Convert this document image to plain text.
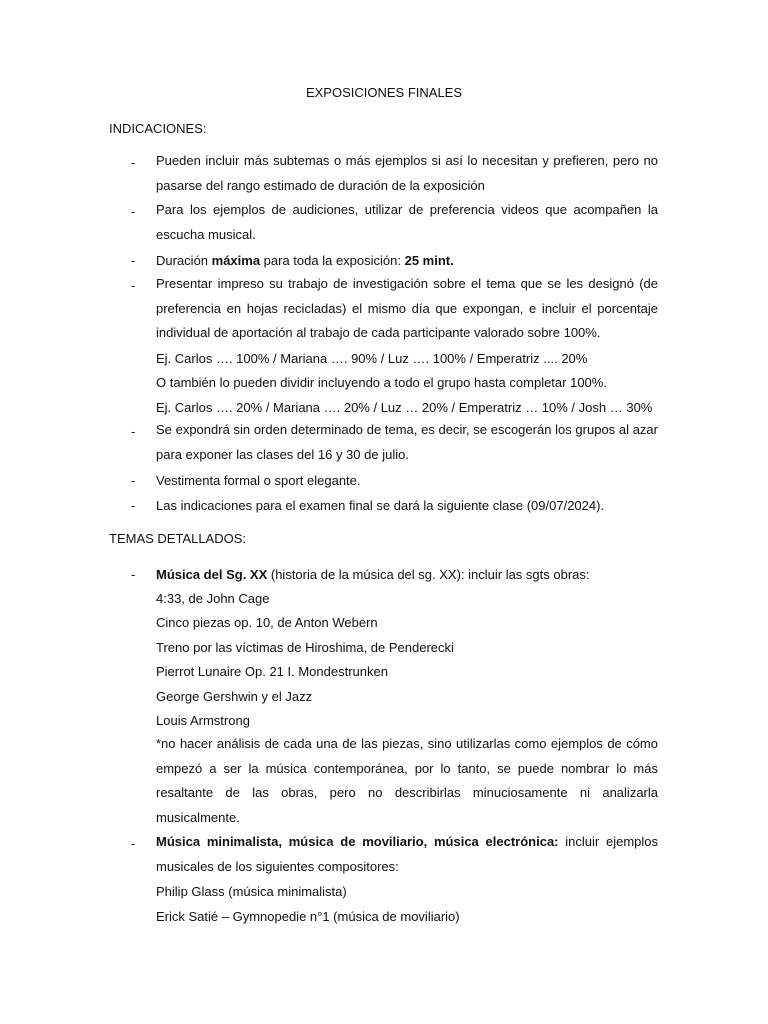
EXPOSICIONES FINALES
INDICACIONES:
- Pueden incluir más subtemas o más ejemplos si así lo necesitan y prefieren, pero no pasarse del rango estimado de duración de la exposición
- Para los ejemplos de audiciones, utilizar de preferencia videos que acompañen la escucha musical.
- Duración máxima para toda la exposición: 25 mint.
- Presentar impreso su trabajo de investigación sobre el tema que se les designó (de preferencia en hojas recicladas) el mismo día que expongan, e incluir el porcentaje individual de aportación al trabajo de cada participante valorado sobre 100%.
Ej. Carlos …. 100% / Mariana …. 90% / Luz …. 100% / Emperatriz .... 20%
O también lo pueden dividir incluyendo a todo el grupo hasta completar 100%.
Ej. Carlos …. 20% / Mariana …. 20% / Luz … 20% / Emperatriz … 10% / Josh … 30%
- Se expondrá sin orden determinado de tema, es decir, se escogerán los grupos al azar para exponer las clases del 16 y 30 de julio.
- Vestimenta formal o sport elegante.
- Las indicaciones para el examen final se dará la siguiente clase (09/07/2024).
TEMAS DETALLADOS:
- Música del Sg. XX (historia de la música del sg. XX): incluir las sgts obras:
4:33, de John Cage
Cinco piezas op. 10, de Anton Webern
Treno por las víctimas de Hiroshima, de Penderecki
Pierrot Lunaire Op. 21 I. Mondestrunken
George Gershwin y el Jazz
Louis Armstrong
*no hacer análisis de cada una de las piezas, sino utilizarlas como ejemplos de cómo empezó a ser la música contemporánea, por lo tanto, se puede nombrar lo más resaltante de las obras, pero no describirlas minuciosamente ni analizarla musicalmente.
- Música minimalista, música de moviliario, música electrónica: incluir ejemplos musicales de los siguientes compositores:
Philip Glass (música minimalista)
Erick Satié – Gymnopedie n°1 (música de moviliario)
